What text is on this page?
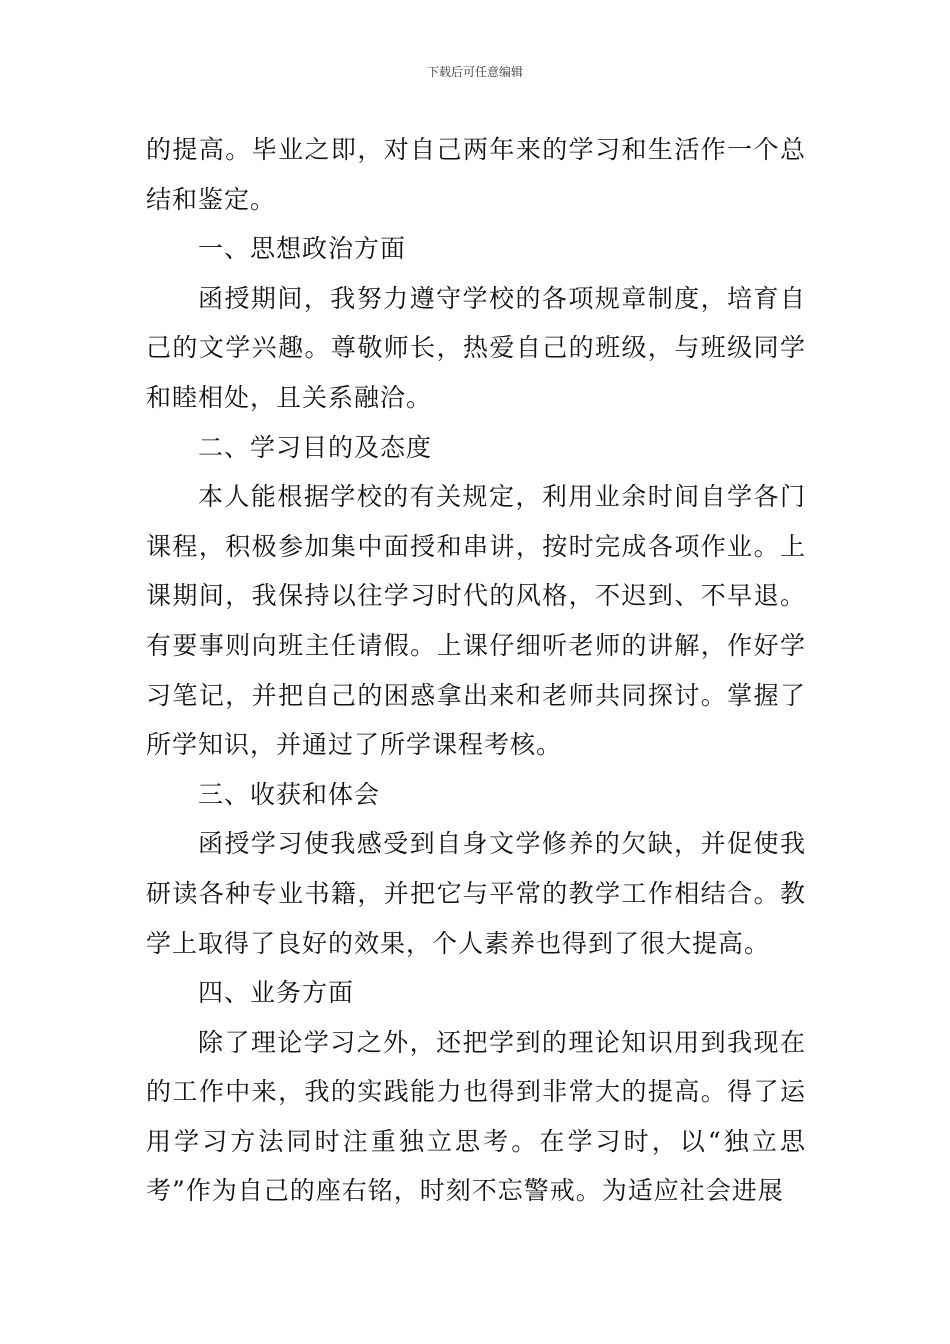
下载后可任意编辑

的提高。毕业之即，对自己两年来的学习和生活作一个总结和鉴定。

一、思想政治方面

函授期间，我努力遵守学校的各项规章制度，培育自己的文学兴趣。尊敬师长，热爱自己的班级，与班级同学和睦相处，且关系融洽。

二、学习目的及态度

本人能根据学校的有关规定，利用业余时间自学各门课程，积极参加集中面授和串讲，按时完成各项作业。上课期间，我保持以往学习时代的风格，不迟到、不早退。有要事则向班主任请假。上课仔细听老师的讲解，作好学习笔记，并把自己的困惑拿出来和老师共同探讨。掌握了所学知识，并通过了所学课程考核。

三、收获和体会

函授学习使我感受到自身文学修养的欠缺，并促使我研读各种专业书籍，并把它与平常的教学工作相结合。教学上取得了良好的效果，个人素养也得到了很大提高。

四、业务方面

除了理论学习之外，还把学到的理论知识用到我现在的工作中来，我的实践能力也得到非常大的提高。得了运用学习方法同时注重独立思考。在学习时，以“独立思考”作为自己的座右铭，时刻不忘警戒。为适应社会进展
